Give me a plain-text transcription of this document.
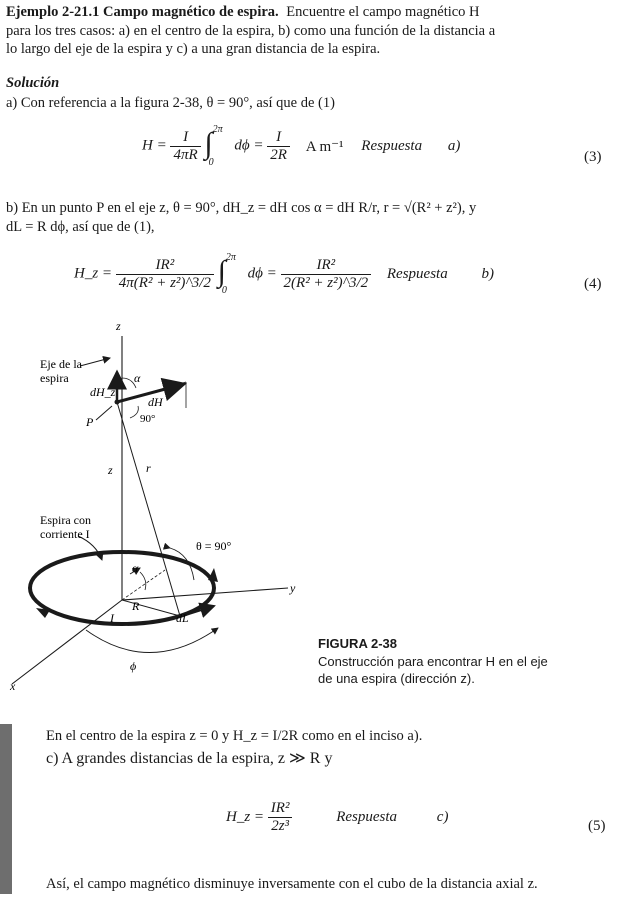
Ejemplo 2-21.1 Campo magnético de espira. Encuentre el campo magnético H
para los tres casos: a) en el centro de la espira, b) como una función de la distancia a
lo largo del eje de la espira y c) a una gran distancia de la espira.
Solución
a) Con referencia a la figura 2-38, θ = 90°, así que de (1)
$H = \frac{I}{4\pi R}$ ∫ 2π
0
$d\phi = \frac{I}{2R}$ A m⁻¹ Respuesta a)
(3)
b) En un punto P en el eje z, θ = 90°, dH_z = dH cos α = dH R/r, r = √(R² + z²), y
dL = R dϕ, así que de (1),
H_z = $\frac{\text{IR²}}{\text{4π(R² + z²)\textasciicircum{}3/2}}$ ∫ 2π
0
$d\phi = \frac{\text{IR²}}{\text{2(R² + z²)\textasciicircum{}3/2}}$ Respuesta b)
(4)
z
Eje de la
espira
dH_z
α
dH
90°
P
z	r
Espira con
corriente I
θ = 90°
α
y
R
I	dL
ϕ
x
FIGURA 2-38
Construcción para encontrar H en el eje
de una espira (dirección z).
En el centro de la espira z = 0 y H_z = I/2R como en el inciso a).
c) A grandes distancias de la espira, z ≫ R y
H_z = $\frac{\text{IR²}}{\text{2z³}}$	Respuesta	c)
(5)
Así, el campo magnético disminuye inversamente con el cubo de la distancia axial z.
